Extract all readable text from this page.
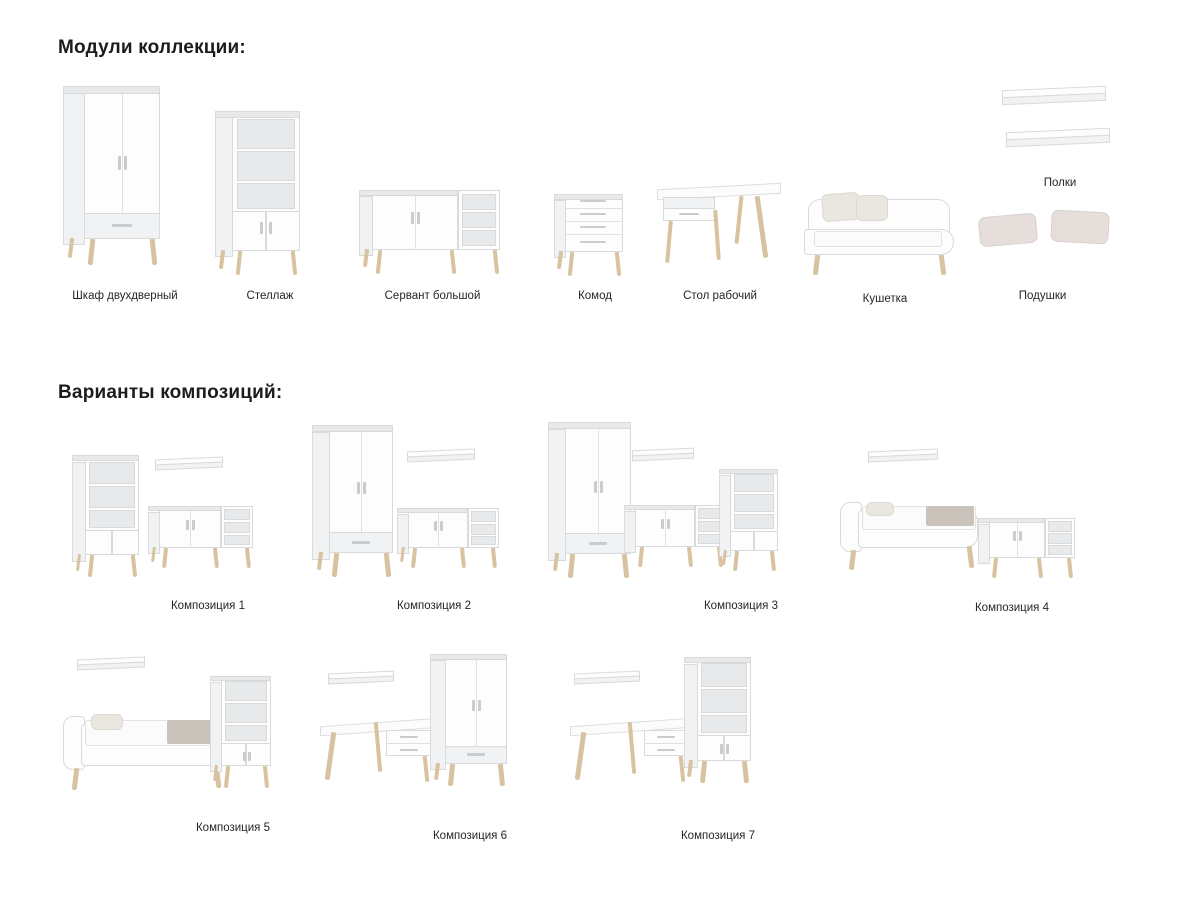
Модули коллекции:
Шкаф двухдверный	Стеллаж	Сервант большой	Комод	Стол рабочий	Кушетка
Полки
Подушки
Варианты композиций:
Композиция 1	Композиция 2	Композиция 3	Композиция 4
Композиция 5
Композиция 6	Композиция 7
